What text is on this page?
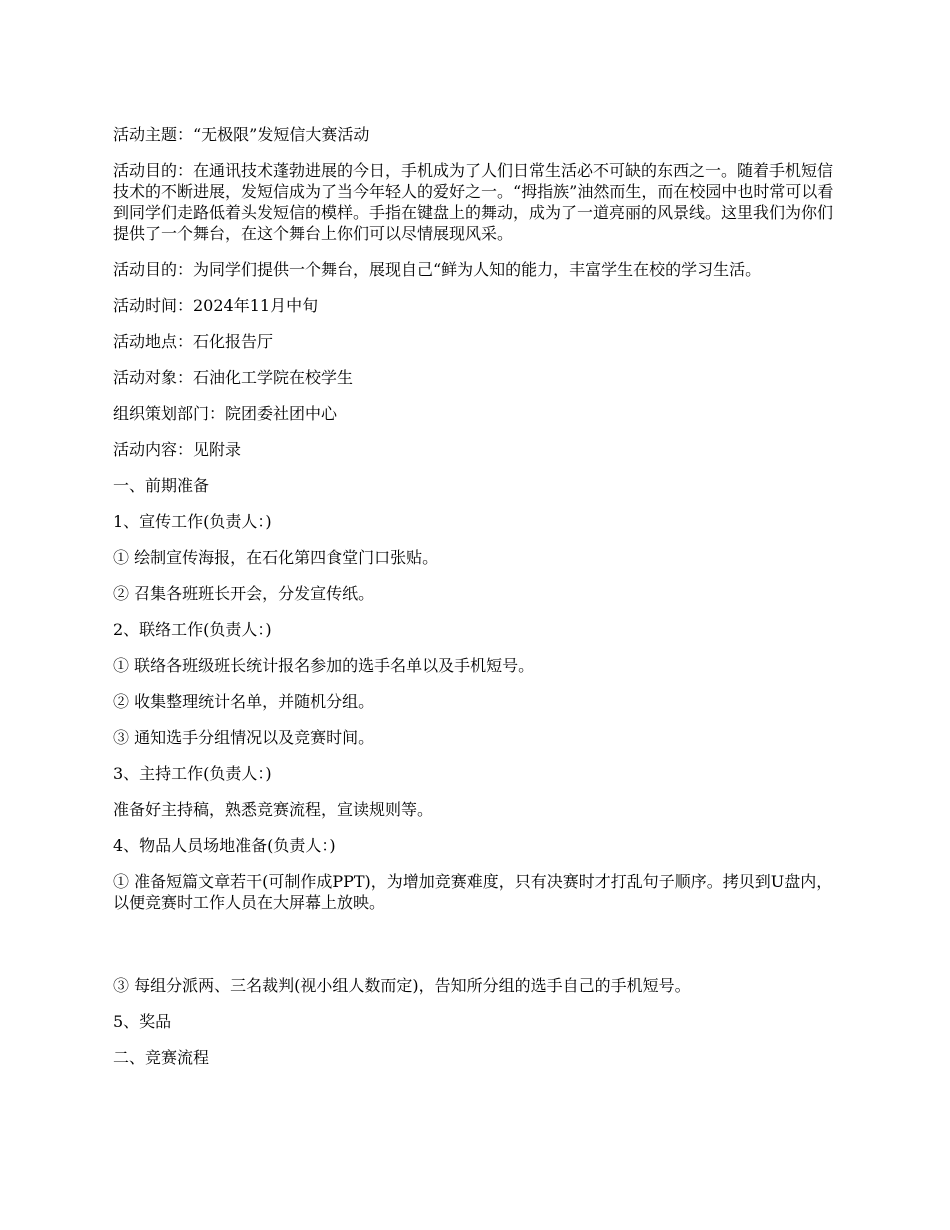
活动主题：“无极限”发短信大赛活动

活动目的：在通讯技术蓬勃进展的今日，手机成为了人们日常生活必不可缺的东西之一。随着手机短信技术的不断进展，发短信成为了当今年轻人的爱好之一。“拇指族”油然而生，而在校园中也时常可以看到同学们走路低着头发短信的模样。手指在键盘上的舞动，成为了一道亮丽的风景线。这里我们为你们提供了一个舞台，在这个舞台上你们可以尽情展现风采。

活动目的：为同学们提供一个舞台，展现自己“鲜为人知的能力，丰富学生在校的学习生活。

活动时间：2024年11月中旬

活动地点：石化报告厅

活动对象：石油化工学院在校学生

组织策划部门：院团委社团中心

活动内容：见附录

一、前期准备

1、宣传工作(负责人：)

① 绘制宣传海报，在石化第四食堂门口张贴。

② 召集各班班长开会，分发宣传纸。

2、联络工作(负责人：)

① 联络各班级班长统计报名参加的选手名单以及手机短号。

② 收集整理统计名单，并随机分组。

③ 通知选手分组情况以及竞赛时间。

3、主持工作(负责人：)

准备好主持稿，熟悉竞赛流程，宣读规则等。

4、物品人员场地准备(负责人：)

① 准备短篇文章若干(可制作成PPT)，为增加竞赛难度，只有决赛时才打乱句子顺序。拷贝到U盘内，以便竞赛时工作人员在大屏幕上放映。

③ 每组分派两、三名裁判(视小组人数而定)，告知所分组的选手自己的手机短号。

5、奖品

二、竞赛流程
